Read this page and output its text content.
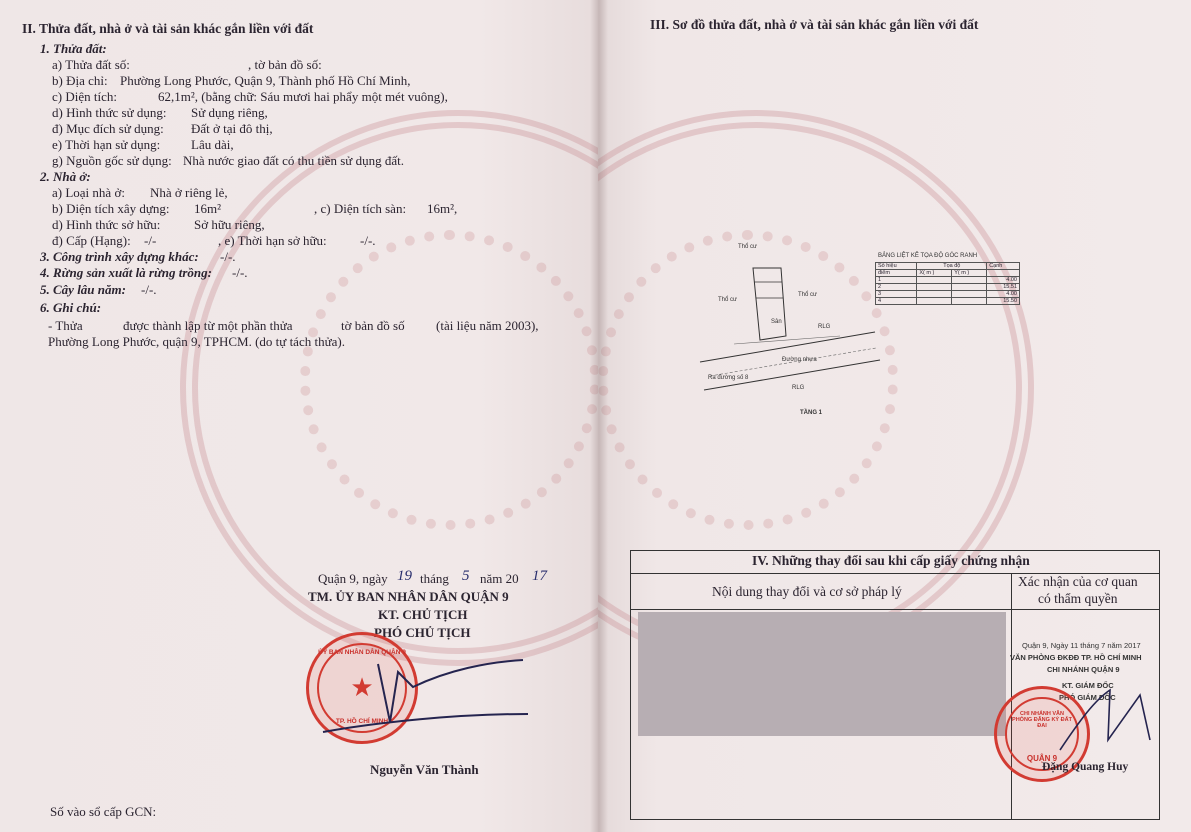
II. Thửa đất, nhà ở và tài sản khác gắn liền với đất
1. Thửa đất:
a) Thửa đất số:	, tờ bản đồ số:
b) Địa chỉ: Phường Long Phước, Quận 9, Thành phố Hồ Chí Minh,
c) Diện tích:	62,1m², (bằng chữ: Sáu mươi hai phẩy một mét vuông),
d) Hình thức sử dụng: Sử dụng riêng,
đ) Mục đích sử dụng: Đất ở tại đô thị,
e) Thời hạn sử dụng: Lâu dài,
g) Nguồn gốc sử dụng: Nhà nước giao đất có thu tiền sử dụng đất.
2. Nhà ở:
a) Loại nhà ở: Nhà ở riêng lẻ,
b) Diện tích xây dựng: 16m²	, c) Diện tích sàn: 16m²,
d) Hình thức sở hữu:	Sở hữu riêng,
đ) Cấp (Hạng): -/-	, e) Thời hạn sở hữu:	-/-.
3. Công trình xây dựng khác: -/-.
4. Rừng sản xuất là rừng trồng: -/-.
5. Cây lâu năm: -/-.
6. Ghi chú:
- Thửa	được thành lập từ một phần thửa	tờ bản đồ số (tài liệu năm 2003),
Phường Long Phước, quận 9, TPHCM. (do tự tách thửa).
Quận 9, ngày 19 tháng 5 năm 20 17
TM. ỦY BAN NHÂN DÂN QUẬN 9
KT. CHỦ TỊCH
PHÓ CHỦ TỊCH
ỦY BAN NHÂN DÂN QUẬN 9
★
TP. HỒ CHÍ MINH
Nguyễn Văn Thành
Số vào sổ cấp GCN:
III. Sơ đồ thửa đất, nhà ở và tài sản khác gắn liền với đất
Thổ cư
Thổ cư
Thổ cư
Sân
RLG
Đường nhựa
Ra đường số 8
RLG
TẦNG 1
BẢNG LIỆT KÊ TỌA ĐỘ GÓC RANH
Số hiệu	Tọa độ		Cạnh
điểm	X( m )	Y( m )	
1			4.00
2			15.51
3			4.00
4			15.50
IV. Những thay đổi sau khi cấp giấy chứng nhận
Nội dung thay đổi và cơ sở pháp lý
Xác nhận của cơ quan
có thẩm quyền
Quận 9, Ngày 11 tháng 7 năm 2017
VĂN PHÒNG ĐKĐĐ TP. HỒ CHÍ MINH
CHI NHÁNH QUẬN 9
KT. GIÁM ĐỐC
PHÓ GIÁM ĐỐC
CHI NHÁNH VĂN PHÒNG ĐĂNG KÝ ĐẤT ĐAI
QUẬN 9
Đặng Quang Huy
